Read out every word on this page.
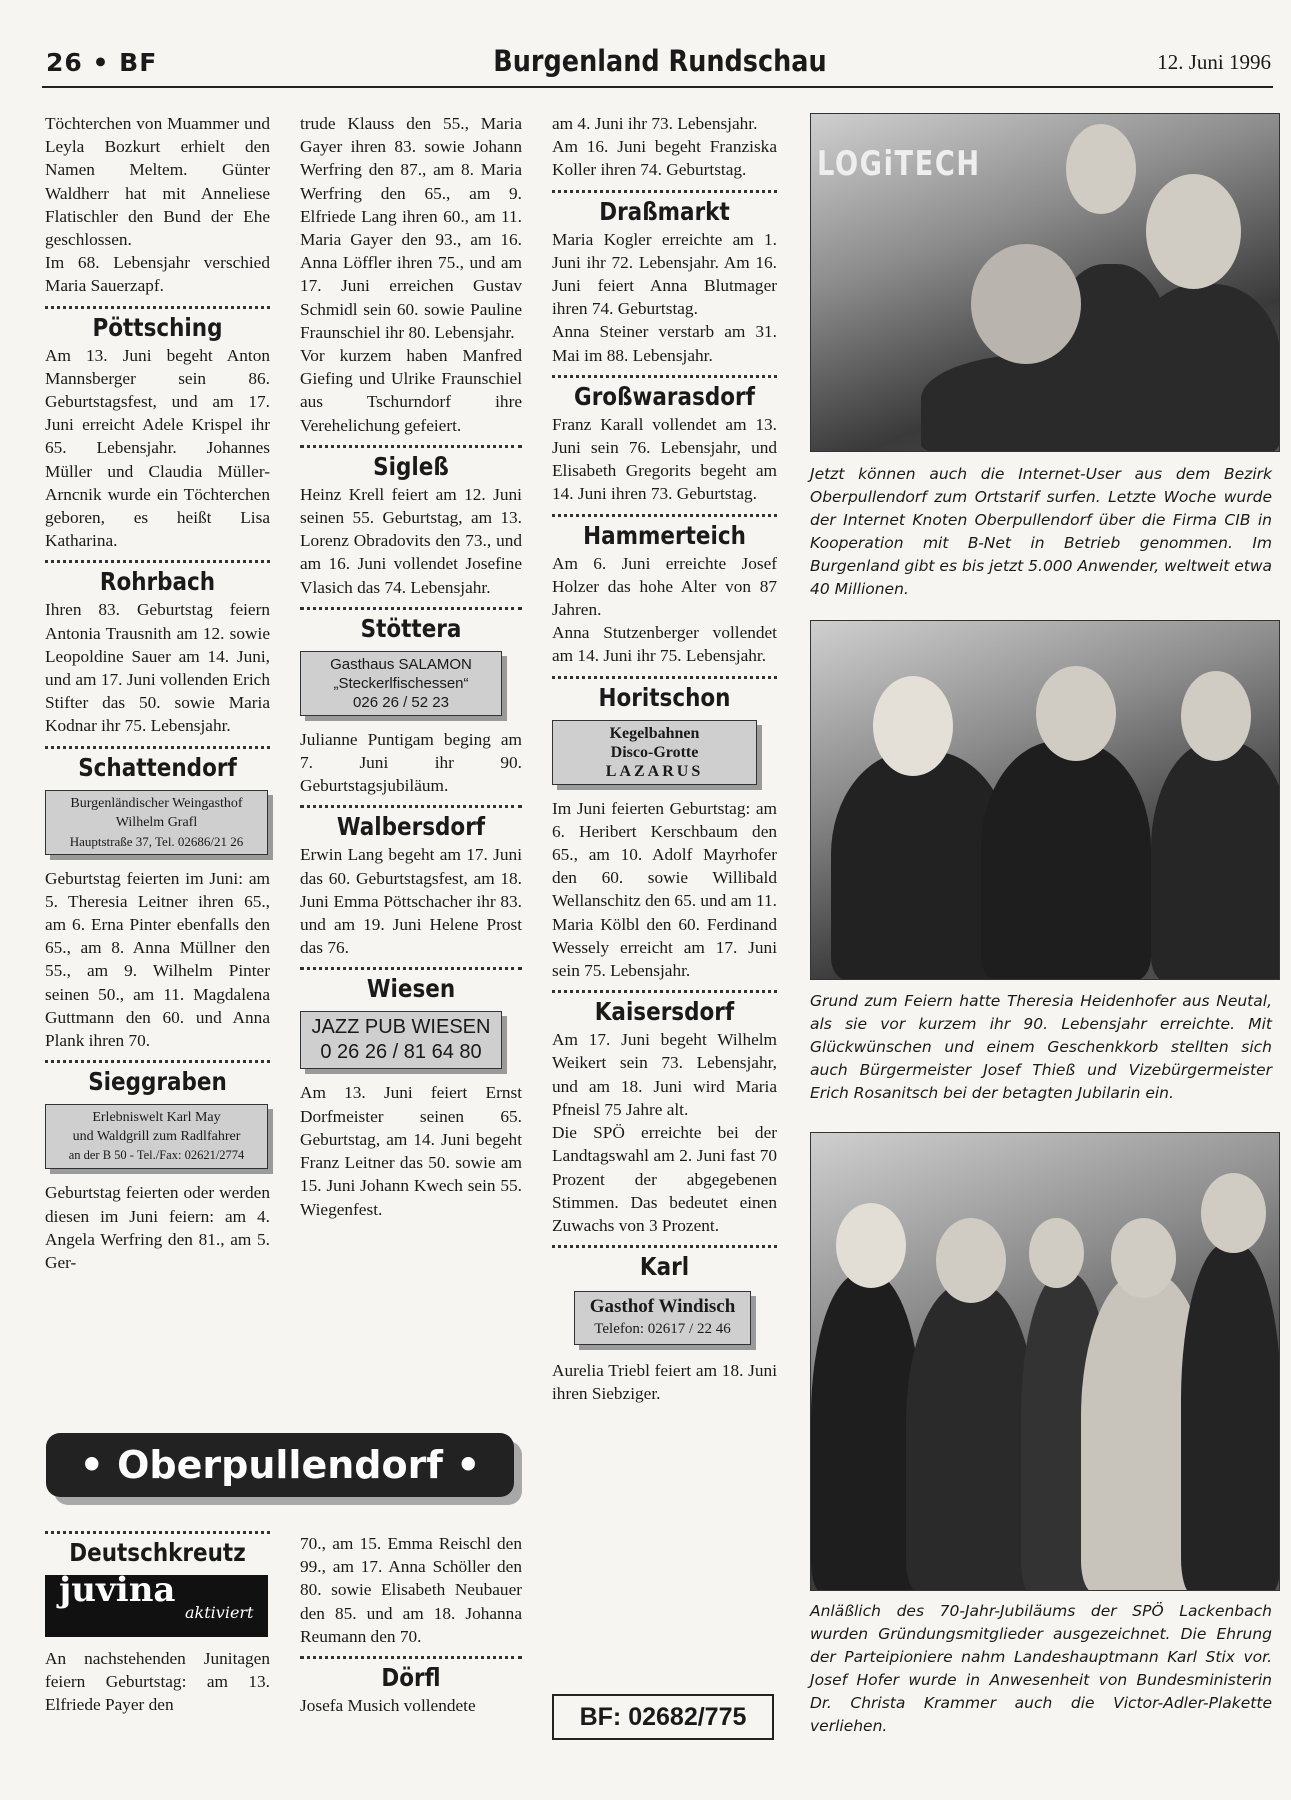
26 • BF	Burgenland Rundschau	12. Juni 1996

Töchterchen von Muammer und Leyla Bozkurt erhielt den Namen Meltem. Günter Waldherr hat mit Anneliese Flatischler den Bund der Ehe geschlossen.

Im 68. Lebensjahr verschied Maria Sauerzapf.

Pöttsching

Am 13. Juni begeht Anton Mannsberger sein 86. Geburtstagsfest, und am 17. Juni erreicht Adele Krispel ihr 65. Lebensjahr. Johannes Müller und Claudia Müller-Arncnik wurde ein Töchterchen geboren, es heißt Lisa Katharina.

Rohrbach

Ihren 83. Geburtstag feiern Antonia Trausnith am 12. sowie Leopoldine Sauer am 14. Juni, und am 17. Juni vollenden Erich Stifter das 50. sowie Maria Kodnar ihr 75. Lebensjahr.

Schattendorf
Burgenländischer Weingasthof
Wilhelm Grafl
Hauptstraße 37, Tel. 02686/21 26

Geburtstag feierten im Juni: am 5. Theresia Leitner ihren 65., am 6. Erna Pinter ebenfalls den 65., am 8. Anna Müllner den 55., am 9. Wilhelm Pinter seinen 50., am 11. Magdalena Guttmann den 60. und Anna Plank ihren 70.

Sieggraben
Erlebniswelt Karl May
und Waldgrill zum Radlfahrer
an der B 50 - Tel./Fax: 02621/2774

Geburtstag feierten oder werden diesen im Juni feiern: am 4. Angela Werfring den 81., am 5. Ger-

trude Klauss den 55., Maria Gayer ihren 83. sowie Johann Werfring den 87., am 8. Maria Werfring den 65., am 9. Elfriede Lang ihren 60., am 11. Maria Gayer den 93., am 16. Anna Löffler ihren 75., und am 17. Juni erreichen Gustav Schmidl sein 60. sowie Pauline Fraunschiel ihr 80. Lebensjahr.

Vor kurzem haben Manfred Giefing und Ulrike Fraunschiel aus Tschurndorf ihre Verehelichung gefeiert.

Sigleß

Heinz Krell feiert am 12. Juni seinen 55. Geburtstag, am 13. Lorenz Obradovits den 73., und am 16. Juni vollendet Josefine Vlasich das 74. Lebensjahr.

Stöttera
Gasthaus SALAMON
„Steckerlfischessen“
026 26 / 52 23

Julianne Puntigam beging am 7. Juni ihr 90. Geburtstagsjubiläum.

Walbersdorf

Erwin Lang begeht am 17. Juni das 60. Geburtstagsfest, am 18. Juni Emma Pöttschacher ihr 83. und am 19. Juni Helene Prost das 76.

Wiesen
JAZZ PUB WIESEN
0 26 26 / 81 64 80

Am 13. Juni feiert Ernst Dorfmeister seinen 65. Geburtstag, am 14. Juni begeht Franz Leitner das 50. sowie am 15. Juni Johann Kwech sein 55. Wiegenfest.

am 4. Juni ihr 73. Lebensjahr.

Am 16. Juni begeht Franziska Koller ihren 74. Geburtstag.

Draßmarkt

Maria Kogler erreichte am 1. Juni ihr 72. Lebensjahr. Am 16. Juni feiert Anna Blutmager ihren 74. Geburtstag.

Anna Steiner verstarb am 31. Mai im 88. Lebensjahr.

Großwarasdorf

Franz Karall vollendet am 13. Juni sein 76. Lebensjahr, und Elisabeth Gregorits begeht am 14. Juni ihren 73. Geburtstag.

Hammerteich

Am 6. Juni erreichte Josef Holzer das hohe Alter von 87 Jahren.

Anna Stutzenberger vollendet am 14. Juni ihr 75. Lebensjahr.

Horitschon
Kegelbahnen
Disco-Grotte
LAZARUS

Im Juni feierten Geburtstag: am 6. Heribert Kerschbaum den 65., am 10. Adolf Mayrhofer den 60. sowie Willibald Wellanschitz den 65. und am 11. Maria Kölbl den 60. Ferdinand Wessely erreicht am 17. Juni sein 75. Lebensjahr.

Kaisersdorf

Am 17. Juni begeht Wilhelm Weikert sein 73. Lebensjahr, und am 18. Juni wird Maria Pfneisl 75 Jahre alt.

Die SPÖ erreichte bei der Landtagswahl am 2. Juni fast 70 Prozent der abgegebenen Stimmen. Das bedeutet einen Zuwachs von 3 Prozent.

Karl
Gasthof Windisch
Telefon: 02617 / 22 46

Aurelia Triebl feiert am 18. Juni ihren Siebziger.

• Oberpullendorf •
Deutschkreutz
juvina
aktiviert

An nachstehenden Junitagen feiern Geburtstag: am 13. Elfriede Payer den

70., am 15. Emma Reischl den 99., am 17. Anna Schöller den 80. sowie Elisabeth Neubauer den 85. und am 18. Johanna Reumann den 70.

Dörfl

Josefa Musich vollendete	BF: 02682/775
LOGiTECH
Jetzt können auch die Internet-User aus dem Bezirk Oberpullendorf zum Ortstarif surfen. Letzte Woche wurde der Internet Knoten Oberpullendorf über die Firma CIB in Kooperation mit B-Net in Betrieb genommen. Im Burgenland gibt es bis jetzt 5.000 Anwender, weltweit etwa 40 Millionen.
Grund zum Feiern hatte Theresia Heidenhofer aus Neutal, als sie vor kurzem ihr 90. Lebensjahr erreichte. Mit Glückwünschen und einem Geschenkkorb stellten sich auch Bürgermeister Josef Thieß und Vizebürgermeister Erich Rosanitsch bei der betagten Jubilarin ein.
Anläßlich des 70-Jahr-Jubiläums der SPÖ Lackenbach wurden Gründungsmitglieder ausgezeichnet. Die Ehrung der Parteipioniere nahm Landeshauptmann Karl Stix vor. Josef Hofer wurde in Anwesenheit von Bundesministerin Dr. Christa Krammer auch die Victor-Adler-Plakette verliehen.
